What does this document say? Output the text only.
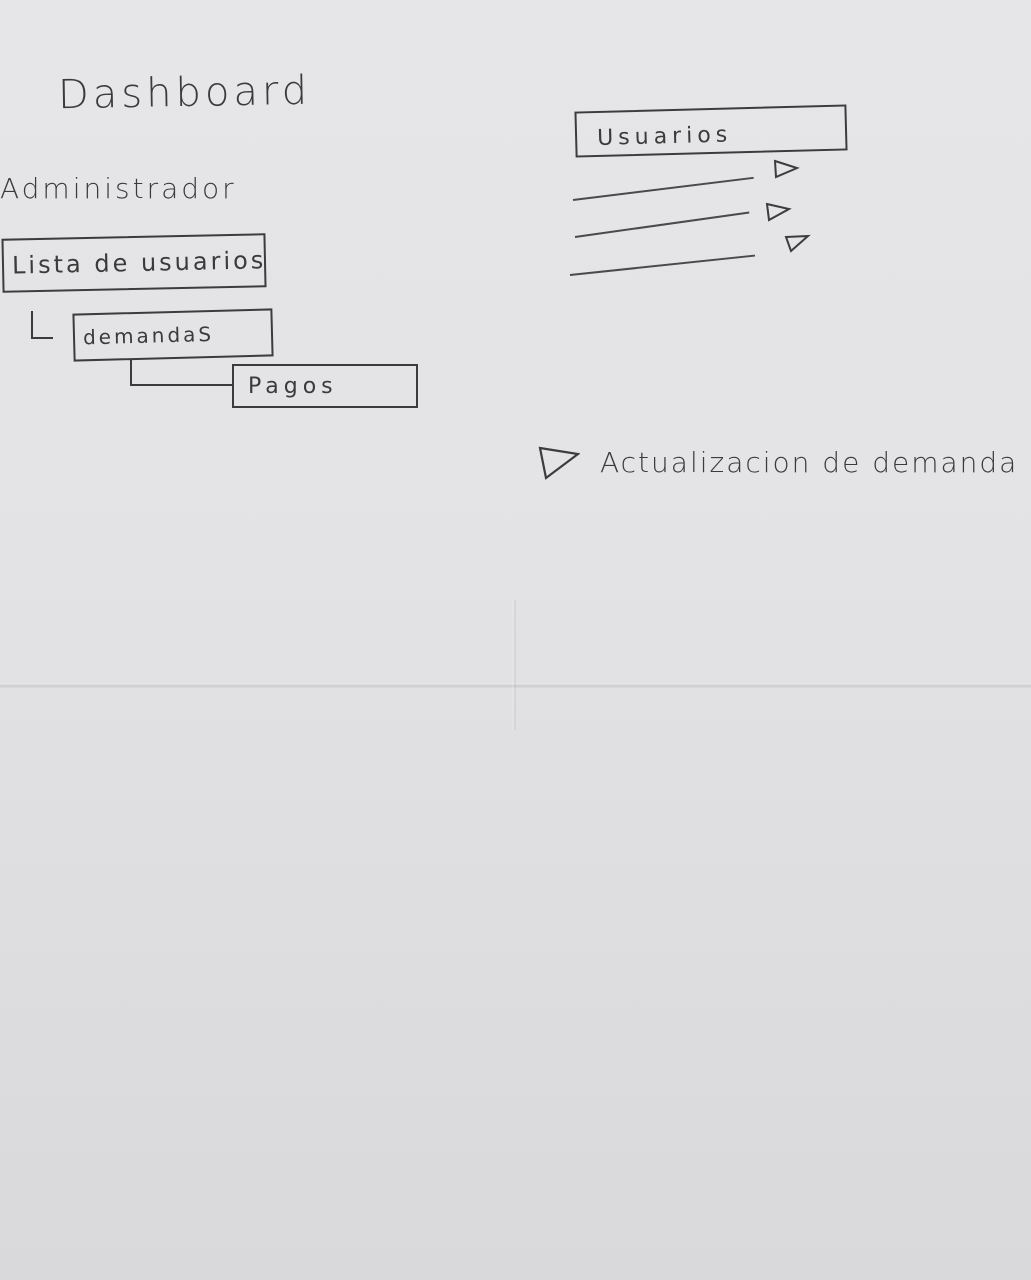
Dashboard
Administrador
Lista de usuarios
demandaS
Pagos
Usuarios
Actualizacion de demanda
